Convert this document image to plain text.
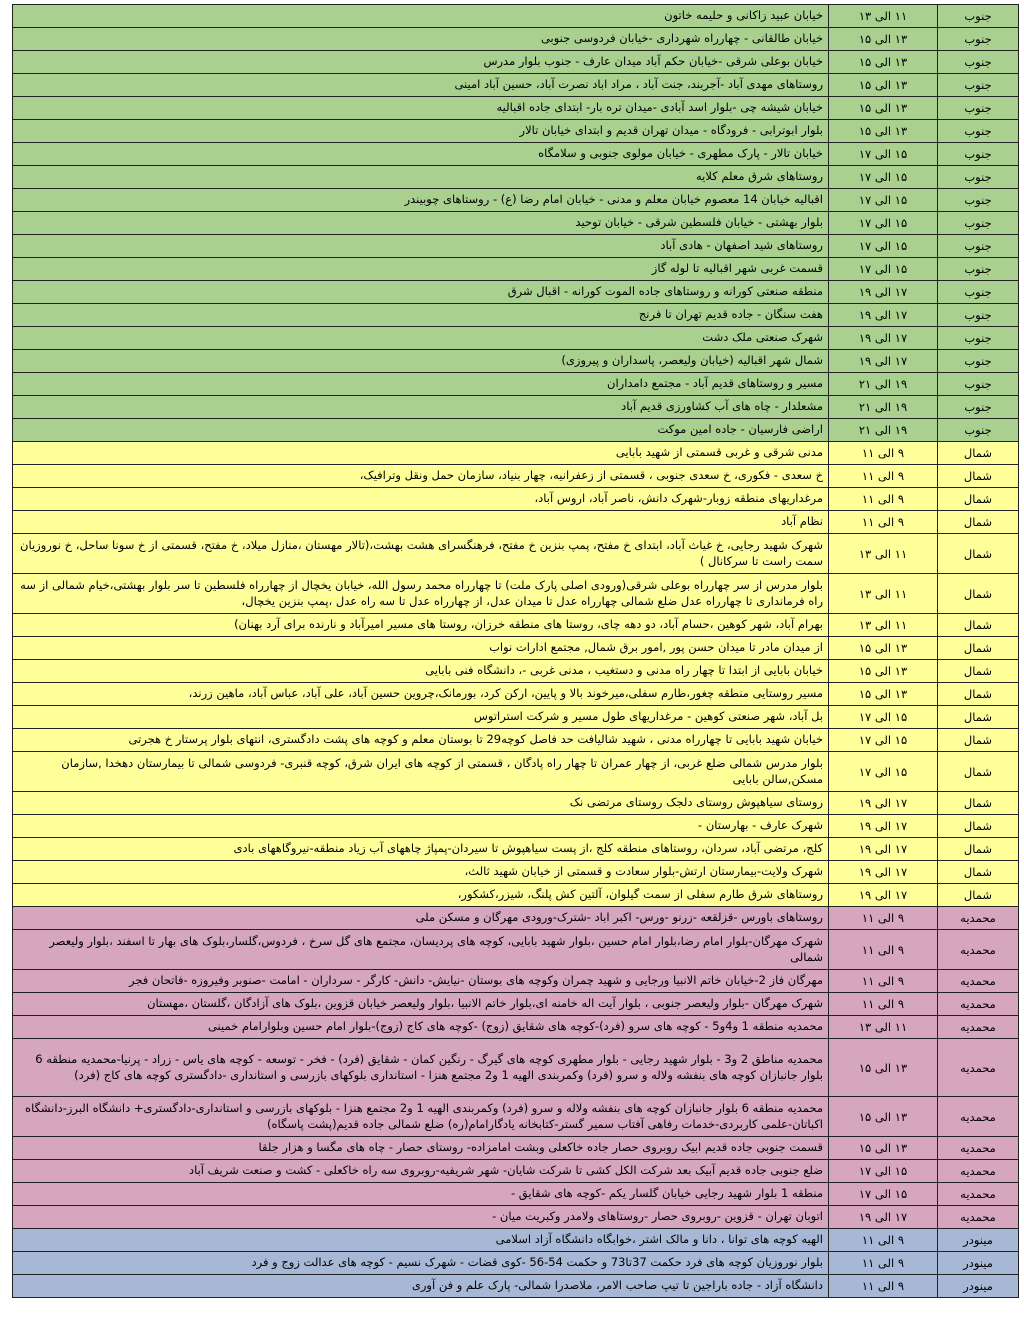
خیابان عبید زاکانی و حلیمه خاتون	۱۱ الی ۱۳	جنوب
خیابان طالقانی - چهارراه شهرداری -خیابان فردوسی جنوبی	۱۳ الی ۱۵	جنوب
خیابان بوعلی شرقی -خیابان حکم آباد میدان عارف - جنوب بلوار مدرس	۱۳ الی ۱۵	جنوب
روستاهای مهدی آباد -آجربند، جنت آباد ، مراد اباد نصرت آباد، حسین آباد امینی	۱۳ الی ۱۵	جنوب
خیابان شیشه چی -بلوار اسد آبادی -میدان تره بار- ابتدای جاده اقبالیه	۱۳ الی ۱۵	جنوب
بلوار ابوترابی - فرودگاه - میدان تهران قدیم و ابتدای خیابان تالار	۱۳ الی ۱۵	جنوب
خیابان تالار - پارک مطهری - خیابان مولوی جنوبی و سلامگاه	۱۵ الی ۱۷	جنوب
روستاهای شرق معلم کلایه	۱۵ الی ۱۷	جنوب
اقبالیه خیابان 14 معصوم خیابان معلم و مدنی - خیابان امام رضا (ع) - روستاهای چوبیندر	۱۵ الی ۱۷	جنوب
بلوار بهشتی - خیابان فلسطین شرقی - خیابان توحید	۱۵ الی ۱۷	جنوب
روستاهای شید اصفهان - هادی آباد	۱۵ الی ۱۷	جنوب
قسمت غربی شهر اقبالیه تا لوله گاز	۱۵ الی ۱۷	جنوب
منطقه صنعتی کورانه و روستاهای جاده الموت کورانه - اقبال شرق	۱۷ الی ۱۹	جنوب
هفت سنگان - جاده قدیم تهران تا فرنج	۱۷ الی ۱۹	جنوب
شهرک صنعتی ملک دشت	۱۷ الی ۱۹	جنوب
شمال شهر اقبالیه (خیابان ولیعصر، پاسداران و پیروزی)	۱۷ الی ۱۹	جنوب
مسیر و روستاهای قدیم آباد - مجتمع دامداران	۱۹ الی ۲۱	جنوب
مشعلدار - چاه های آب کشاورزی قدیم آباد	۱۹ الی ۲۱	جنوب
اراضی فارسیان - جاده امین موکت	۱۹ الی ۲۱	جنوب
مدنی شرقی و غربی قسمتی از شهید بابایی	۹ الی ۱۱	شمال
خ سعدی - فکوری، خ سعدی جنوبی ، قسمتی از زعفرانیه، چهار بنیاد، سازمان حمل ونقل وترافیک،	۹ الی ۱۱	شمال
مرغداریهای منطقه زوبار-شهرک دانش، ناصر آباد، اروس آباد،	۹ الی ۱۱	شمال
نظام آباد	۹ الی ۱۱	شمال
شهرک شهید رجایی، خ غیاث آباد، ابتدای خ مفتح، پمپ بنزین خ مفتح، فرهنگسرای هشت بهشت،(تالار مهستان ،منازل میلاد، خ مفتح، قسمتی از خ سونا ساحل، خ نوروزیان سمت راست تا سرکانال )	۱۱ الی ۱۳	شمال
بلوار مدرس از سر چهارراه بوعلی شرقی(ورودی اصلی پارک ملت) تا چهارراه محمد رسول الله، خیابان یخچال از چهارراه فلسطین تا سر بلوار بهشتی،خیام شمالی از سه راه فرمانداری تا چهارراه عدل ضلع شمالی چهارراه عدل تا میدان عدل، از چهارراه عدل تا سه راه عدل ،پمپ بنزین یخچال،	۱۱ الی ۱۳	شمال
بهرام آباد، شهر کوهین ،حسام آباد، دو دهه چای، روستا های منطقه خرزان، روستا های مسیر امیرآباد و نارنده برای آرد بهنان)	۱۱ الی ۱۳	شمال
از میدان مادر تا میدان حسن پور ,امور برق شمال, مجتمع ادارات نواب	۱۳ الی ۱۵	شمال
خیابان بابایی از ابتدا تا چهار راه مدنی و دستغیب ، مدنی غربی -، دانشگاه فنی بابایی	۱۳ الی ۱۵	شمال
مسیر روستایی منطقه چغور،طارم سفلی،میرخوند بالا و پایین، ارکن کرد، بورمانک،چروین حسین آباد، علی آباد، عباس آباد، ماهین زرند،	۱۳ الی ۱۵	شمال
بل آباد، شهر صنعتی کوهین - مرغداریهای طول مسیر و شرکت استراتوس	۱۵ الی ۱۷	شمال
خیابان شهید بابایی تا چهارراه مدنی ، شهید شالیافت حد فاصل کوچه29 تا بوستان معلم و کوچه های پشت دادگستری، انتهای بلوار پرستار خ هجرتی	۱۵ الی ۱۷	شمال
بلوار مدرس شمالی ضلع غربی، از چهار عمران تا چهار راه پادگان ، قسمتی از کوچه های ایران شرق، کوچه قنبری- فردوسی شمالی تا بیمارستان دهخدا ,سازمان مسکن,سالن بابایی	۱۵ الی ۱۷	شمال
روستای سیاهپوش روستای دلجک روستای مرتضی نک	۱۷ الی ۱۹	شمال
شهرک عارف - بهارستان -	۱۷ الی ۱۹	شمال
کلج، مرتضی آباد، سردان، روستاهای منطقه کلج ،از پست سیاهپوش تا سیردان-پمپاژ چاههای آب زیاد منطقه-نیروگاههای بادی	۱۷ الی ۱۹	شمال
شهرک ولایت-بیمارستان ارتش-بلوار سعادت و قسمتی از خیابان شهید ثالث،	۱۷ الی ۱۹	شمال
روستاهای شرق طارم سفلی از سمت گیلوان، آلتین کش پلنگ، شیزر،کشکور،	۱۷ الی ۱۹	شمال
روستاهای باورس -قزلقعه -زرنو -ورس- اکبر اباد -شترک-ورودی مهرگان و مسکن ملی	۹ الی ۱۱	محمدیه
شهرک مهرگان-بلوار امام رضا،بلوار امام حسین ،بلوار شهید بابایی، کوچه های پردیسان، مجتمع های گل سرخ ، فردوس،گلسار،بلوک های بهار تا اسفند ،بلوار ولیعصر شمالی	۹ الی ۱۱	محمدیه
مهرگان فاز 2-خیابان خاتم الانبیا ورجایی و شهید چمران وکوچه های بوستان -نیایش- دانش- کارگر - سرداران - امامت -صنوبر وفیروزه -فاتحان فجر	۹ الی ۱۱	محمدیه
شهرک مهرگان -بلوار ولیعصر جنوبی ، بلوار آیت اله خامنه ای،بلوار خاتم الانبیا ،بلوار ولیعصر خیابان قزوین ،بلوک های آزادگان ،گلستان ،مهستان	۹ الی ۱۱	محمدیه
محمدیه منطقه 1 و4و5 - کوچه های سرو (فرد)-کوچه های شقایق (زوج) -کوچه های کاج (زوج)-بلوار امام حسین وبلوارامام خمینی	۱۱ الی ۱۳	محمدیه
محمدیه مناطق 2 و3 - بلوار شهید رجایی - بلوار مطهری کوچه های گیرگ - رنگین کمان - شقایق (فرد) - فخر - توسعه - کوچه های یاس - زراد - پرنیا-محمدیه منطقه 6 بلوار جانبازان کوچه های بنفشه ولاله و سرو (فرد) وکمربندی الهیه 1 و2 مجتمع هنزا - استانداری بلوکهای بازرسی و استانداری -دادگستری کوچه های کاج (فرد)	۱۳ الی ۱۵	محمدیه
محمدیه منطقه 6 بلوار جانبازان کوچه های بنفشه ولاله و سرو (فرد) وکمربندی الهیه 1 و2 مجتمع هنزا - بلوکهای بازرسی و استانداری-دادگستری+ دانشگاه البرز-دانشگاه اکباتان-علمی کاربردی-خدمات رفاهی آفتاب سمیر گستر-کتابخانه یادگارامام(ره) ضلع شمالی جاده قدیم(پشت پاسگاه)	۱۳ الی ۱۵	محمدیه
قسمت جنوبی جاده قدیم ابیک روبروی حصار جاده خاکعلی وبشت امامزاده- روستای حصار - چاه های مگسا و هزار جلقا	۱۳ الی ۱۵	محمدیه
ضلع جنوبی جاده قدیم آبیک بعد شرکت الکل کشی تا شرکت شایان- شهر شریفیه-روبروی سه راه خاکعلی - کشت و صنعت شریف آباد	۱۵ الی ۱۷	محمدیه
منطقه 1 بلوار شهید رجایی خیابان گلسار یکم -کوچه های شقایق -	۱۵ الی ۱۷	محمدیه
اتوبان تهران - قزوین -روبروی حصار -روستاهای ولامدر وکبریت میان -	۱۷ الی ۱۹	محمدیه
الهیه کوچه های توانا ، دانا و مالک اشتر ،خوابگاه دانشگاه آزاد اسلامی	۹ الی ۱۱	مینودر
بلوار نوروزیان کوچه های فرد حکمت 37تا73 و حکمت 54-56 -کوی قضات - شهرک نسیم - کوچه های عدالت زوج و فرد	۹ الی ۱۱	مینودر
دانشگاه آزاد - جاده باراجین تا تیپ صاحب الامر، ملاصدرا شمالی- پارک علم و فن آوری	۹ الی ۱۱	مینودر
